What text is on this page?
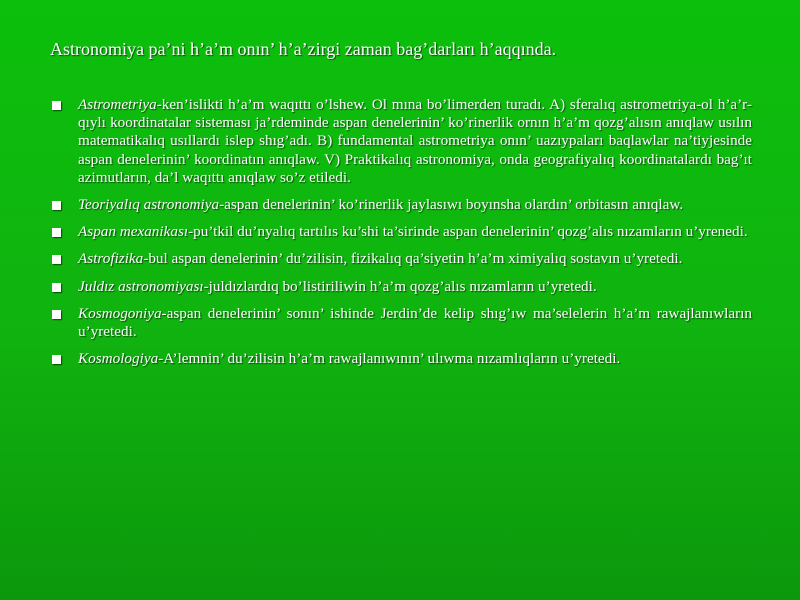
Astronomiya pa’ni h’a’m onın’ h’a’zirgi zaman bag’darları h’aqqında.
Astrometriya-ken’islikti h’a’m waqıttı o’lshew. Ol mına bo’limerden turadı. A) sferalıq astrometriya-ol h’a’r-qıylı koordinatalar sisteması ja’rdeminde aspan denelerinin’ ko’rinerlik ornın h’a’m qozg’alısın anıqlaw usılın matematikalıq usıllardı islep shıg’adı. B) fundamental astrometriya onın’ uazıypaları baqlawlar na’tiyjesinde aspan denelerinin’ koordinatın anıqlaw. V) Praktikalıq astronomiya, onda geografiyalıq koordinatalardı bag’ıt azimutların, da’l waqıttı anıqlaw so’z etiledi.
Teoriyalıq astronomiya-aspan denelerinin’ ko’rinerlik jaylasıwı boyınsha olardın’ orbitasın anıqlaw.
Aspan mexanikası-pu’tkil du’nyalıq tartılıs ku’shi ta’sirinde aspan denelerinin’ qozg’alıs nızamların u’yrenedi.
Astrofizika-bul aspan denelerinin’ du’zilisin, fizikalıq qa’siyetin h’a’m ximiyalıq sostavın u’yretedi.
Juldız astronomiyası-juldızlardıq bo’listiriliwin h’a’m qozg’alıs nızamların u’yretedi.
Kosmogoniya-aspan denelerinin’ sonın’ ishinde Jerdin’de kelip shıg’ıw ma’selelerin h’a’m rawajlanıwların u’yretedi.
Kosmologiya-A’lemnin’ du’zilisin h’a’m rawajlanıwının’ ulıwma nızamlıqların u’yretedi.
